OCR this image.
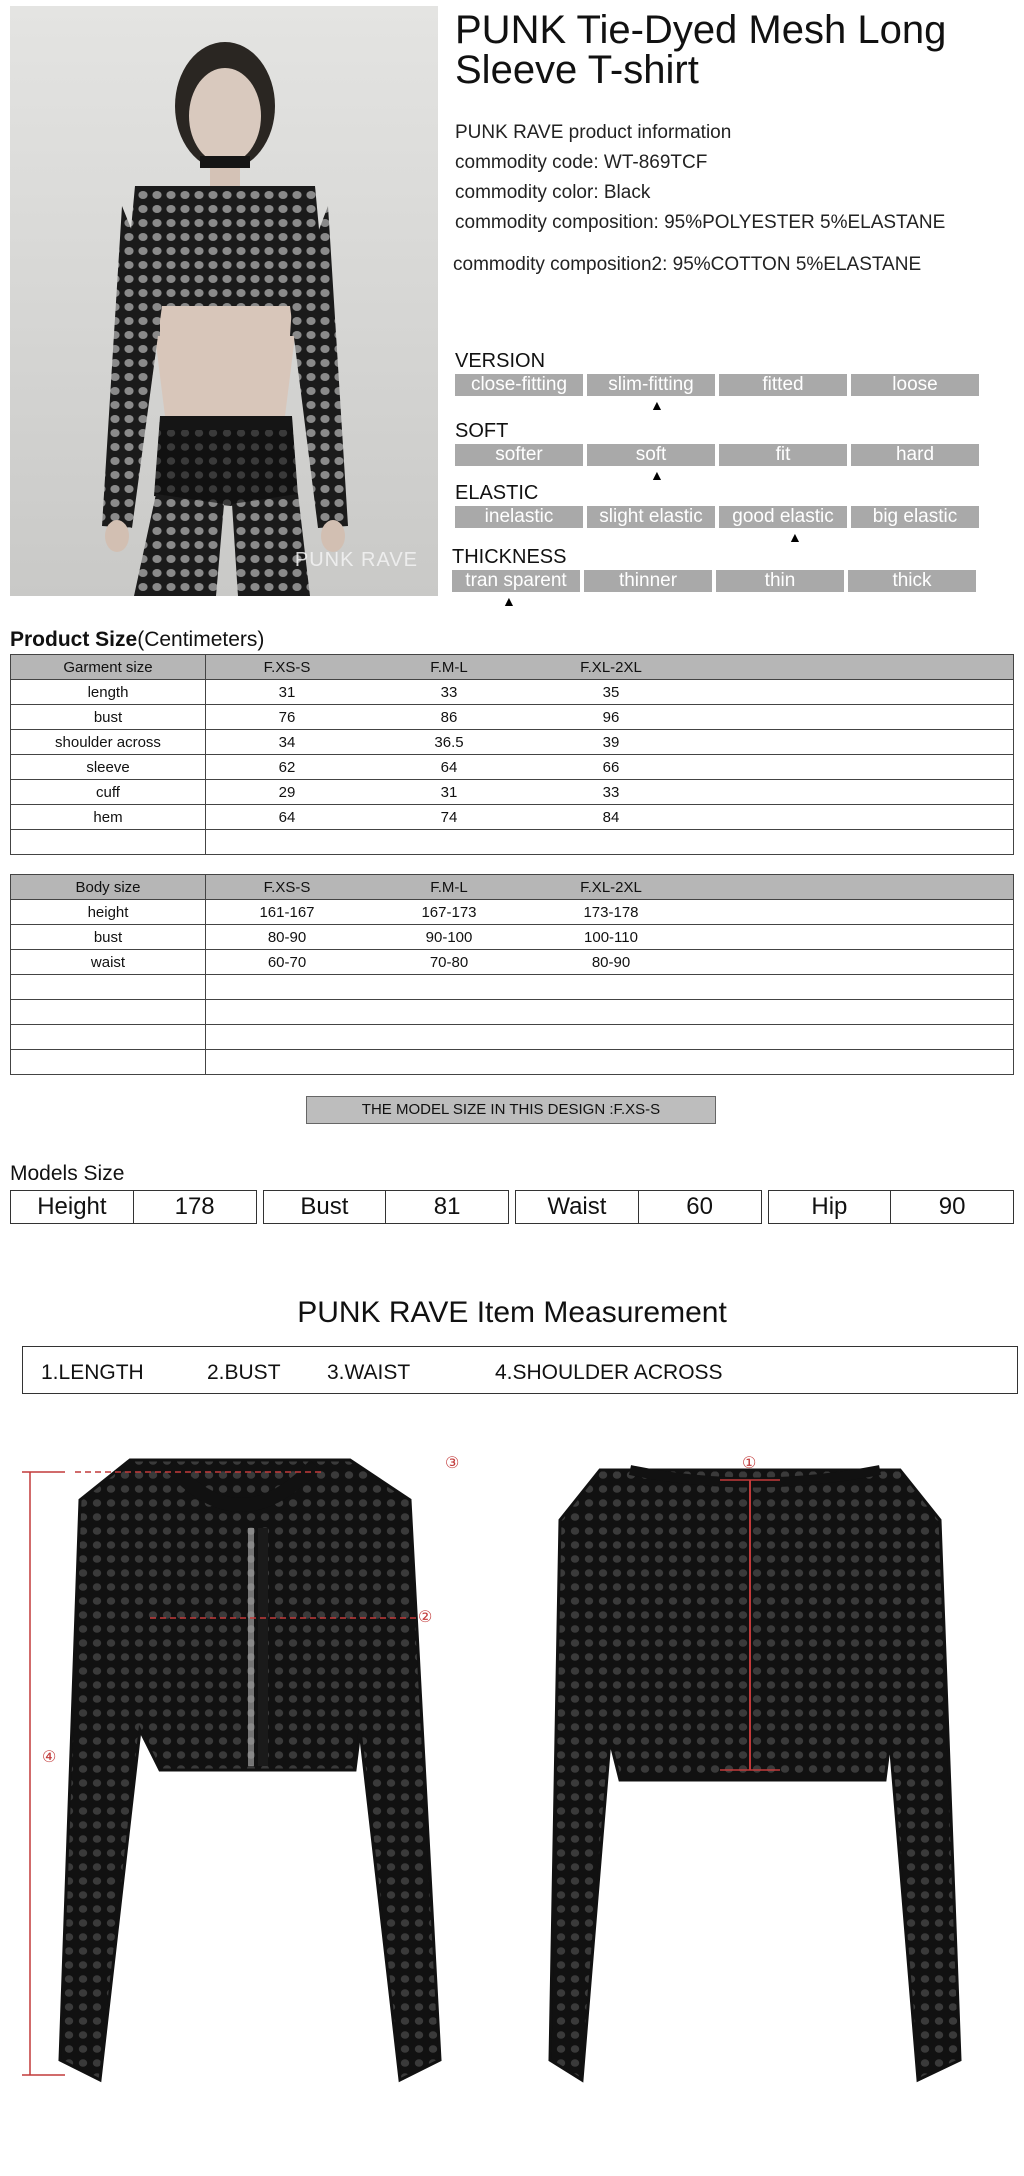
PUNK RAVE
PUNK Tie-Dyed Mesh Long Sleeve T-shirt
PUNK RAVE product information
commodity code: WT-869TCF
commodity color: Black
commodity composition: 95%POLYESTER 5%ELASTANE
commodity composition2: 95%COTTON 5%ELASTANE
VERSION
close-fitting	slim-fitting	fitted	loose
▲
SOFT
softer	soft	fit	hard
▲
ELASTIC
inelastic	slight elastic	good elastic	big elastic
▲
THICKNESS
tran sparent	thinner	thin	thick
▲
Product Size(Centimeters)
Garment size	F.XS-S	F.M-L	F.XL-2XL	
length	31	33	35	
bust	76	86	96	
shoulder across	34	36.5	39	
sleeve	62	64	66	
cuff	29	31	33	
hem	64	74	84	

Body size	F.XS-S	F.M-L	F.XL-2XL	
height	161-167	167-173	173-178	
bust	80-90	90-100	100-110	
waist	60-70	70-80	80-90	

THE MODEL SIZE IN THIS DESIGN :F.XS-S
Models Size
Height	178	Bust	81	Waist	60	Hip	90
PUNK RAVE Item Measurement
1.LENGTH	2.BUST 3.WAIST	4.SHOULDER ACROSS
③
④
②
①
